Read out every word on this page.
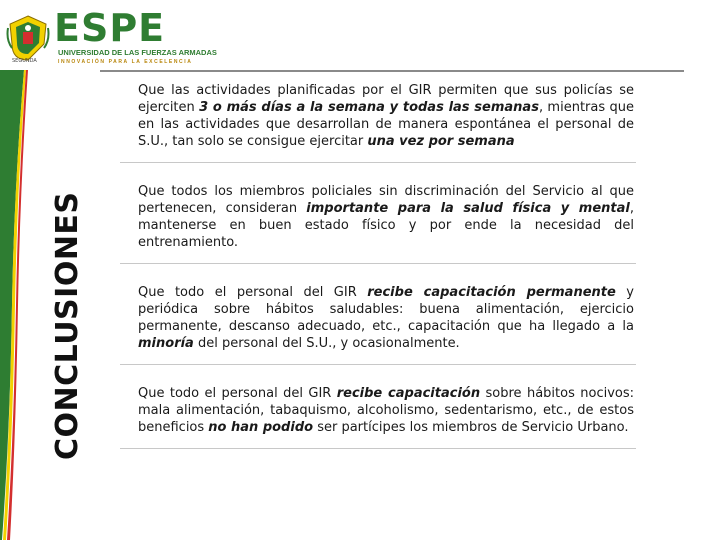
SEGUNDA
ESPE
UNIVERSIDAD DE LAS FUERZAS ARMADAS
INNOVACIÓN PARA LA EXCELENCIA
CONCLUSIONES
Que las actividades planificadas por el GIR permiten que sus policías se ejerciten 3 o más días a la semana y todas las semanas, mientras que en las actividades que desarrollan de manera espontánea el personal de S.U., tan solo se consigue ejercitar una vez por semana
Que todos los miembros policiales sin discriminación del Servicio al que pertenecen, consideran importante para la salud física y mental, mantenerse en buen estado físico y por ende la necesidad del entrenamiento.
Que todo el personal del GIR recibe capacitación permanente y periódica sobre hábitos saludables: buena alimentación, ejercicio permanente, descanso adecuado, etc., capacitación que ha llegado a la minoría del personal del S.U., y ocasionalmente.
Que todo el personal del GIR recibe capacitación sobre hábitos nocivos: mala alimentación, tabaquismo, alcoholismo, sedentarismo, etc., de estos beneficios no han podido ser partícipes los miembros de Servicio Urbano.
